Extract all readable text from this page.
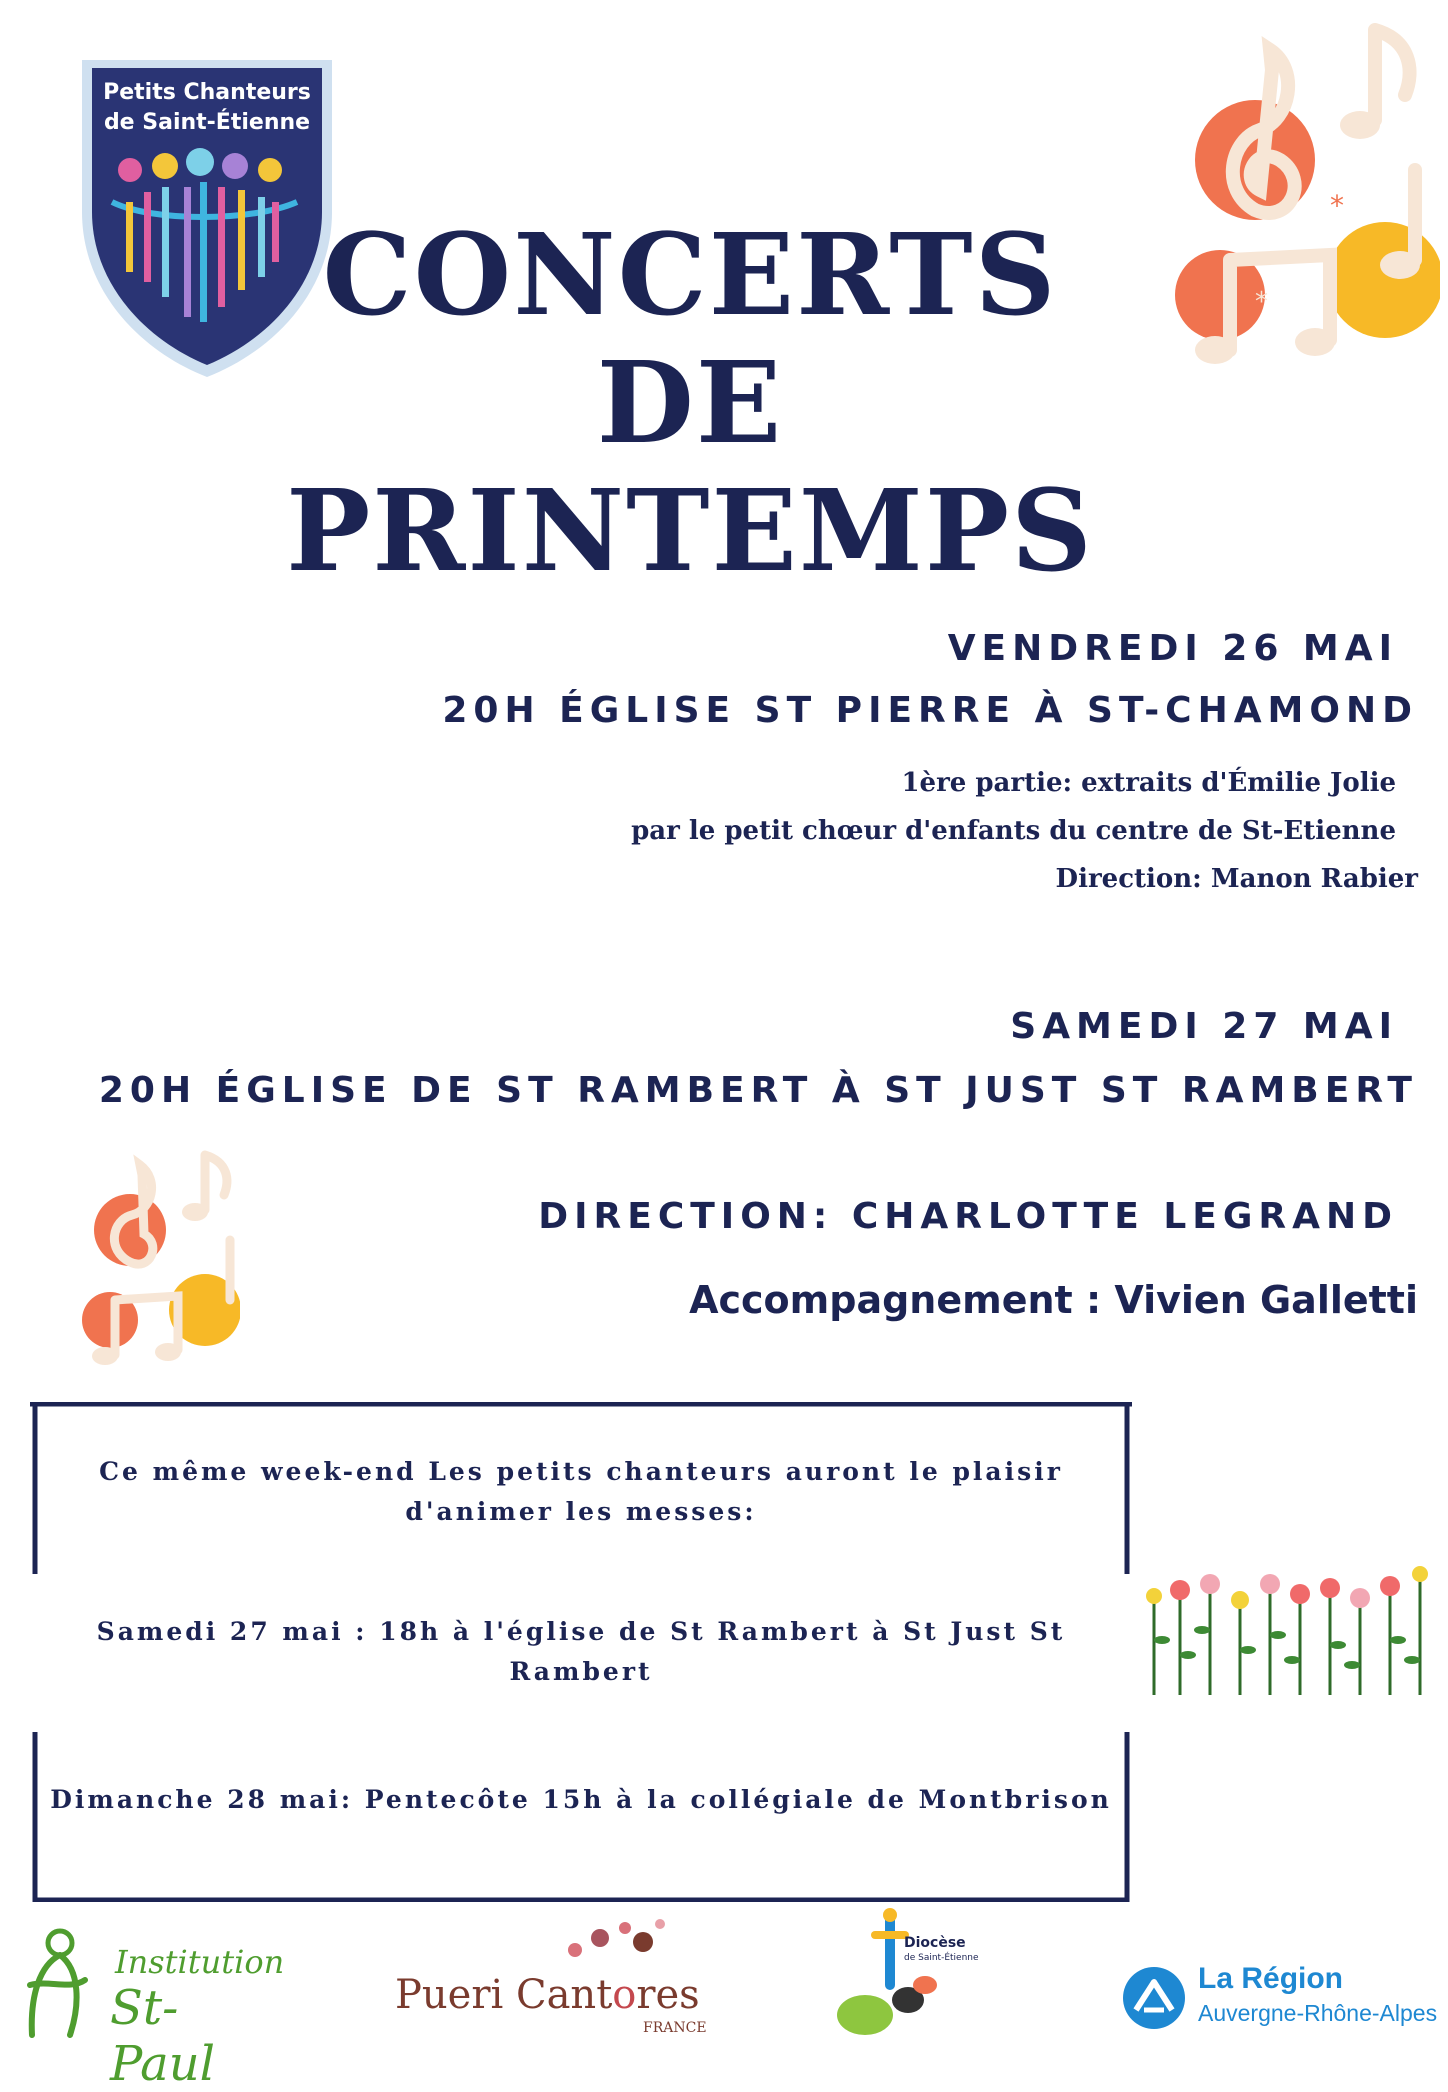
Petits Chanteurs
de Saint-Étienne
*
*
CONCERTS
DE
PRINTEMPS
VENDREDI 26 MAI
20H ÉGLISE ST PIERRE À ST-CHAMOND
1ère partie: extraits d'Émilie Jolie
par le petit chœur d'enfants du centre de St-Etienne
Direction: Manon Rabier
SAMEDI 27 MAI
20H ÉGLISE DE ST RAMBERT À ST JUST ST RAMBERT
DIRECTION: CHARLOTTE LEGRAND
Accompagnement : Vivien Galletti
Ce même week-end Les petits chanteurs auront le plaisir
d'animer les messes:
Samedi 27 mai : 18h à l'église de St Rambert à St Just St
Rambert
Dimanche 28 mai: Pentecôte 15h à la collégiale de Montbrison
Institution
St-Paul
Pueri Cantores
FRANCE
Diocèse
de Saint-Étienne
La Région
Auvergne-Rhône-Alpes
